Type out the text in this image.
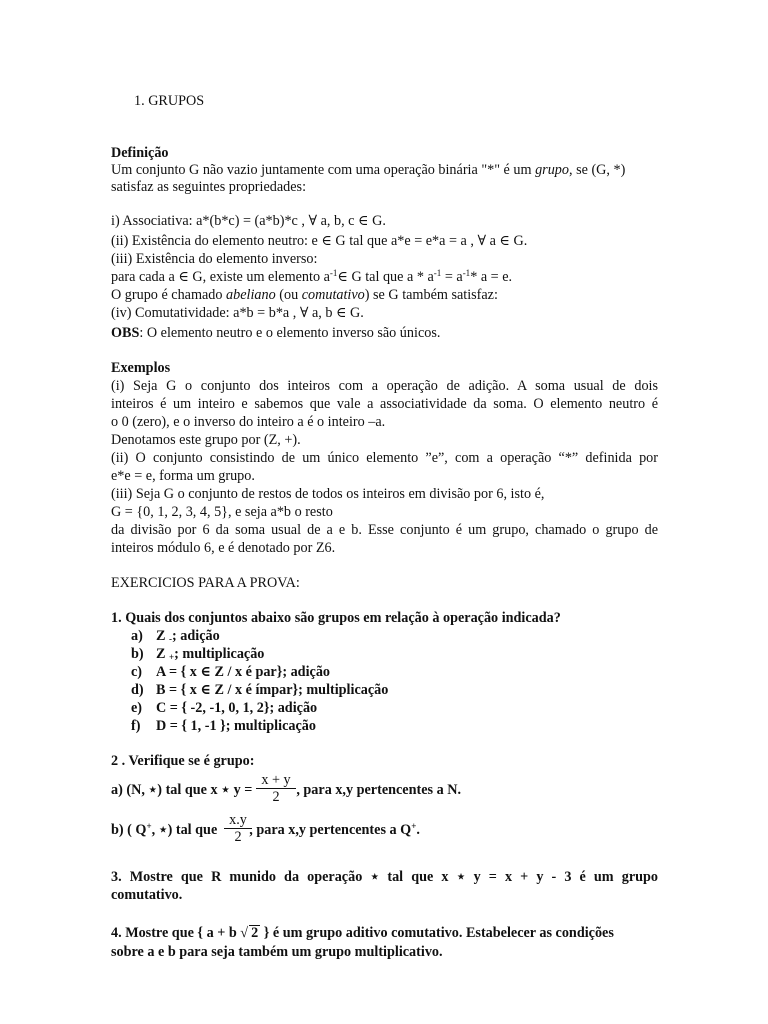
1. GRUPOS
Definição
Um conjunto G não vazio juntamente com uma operação binária "*" é um grupo, se (G, *)
satisfaz as seguintes propriedades:
i) Associativa: a*(b*c) = (a*b)*c , ∀ a, b, c ∈ G.
(ii) Existência do elemento neutro: e ∈ G tal que a*e = e*a = a , ∀ a ∈ G.
(iii) Existência do elemento inverso:
para cada a ∈ G, existe um elemento $a^{-1}\in$ G tal que $a * a^{-1} = a^{-1}*$ a = e.
O grupo é chamado abeliano (ou comutativo) se G também satisfaz:
(iv) Comutatividade: a*b = b*a , ∀ a, b ∈ G.
OBS: O elemento neutro e o elemento inverso são únicos.
Exemplos
(i) Seja G o conjunto dos inteiros com a operação de adição. A soma usual de dois
inteiros é um inteiro e sabemos que vale a associatividade da soma. O elemento neutro é
o 0 (zero), e o inverso do inteiro a é o inteiro –a.
Denotamos este grupo por (Z, +).
(ii) O conjunto consistindo de um único elemento ”e”, com a operação “*” definida por
e*e = e, forma um grupo.
(iii) Seja G o conjunto de restos de todos os inteiros em divisão por 6, isto é,
G = {0, 1, 2, 3, 4, 5}, e seja a*b o resto
da divisão por 6 da soma usual de a e b. Esse conjunto é um grupo, chamado o grupo de
inteiros módulo 6, e é denotado por Z6.
EXERCICIOS PARA A PROVA:
1. Quais dos conjuntos abaixo são grupos em relação à operação indicada?
a) Z $_-$; adição
b) Z $_+$; multiplicação
c) A = { x ∈ Z / x é par}; adição
d) B = { x ∈ Z / x é ímpar}; multiplicação
e) C = { -2, -1, 0, 1, 2}; adição
f) D = { 1, -1 }; multiplicação
2 . Verifique se é grupo:
a) (N, ⋆) tal que x ⋆ y =	, para x,y pertencentes a N.
x + y
2
b) ( Q+, ⋆) tal que , para x,y pertencentes a Q+.
x.y
2
3. Mostre que R munido da operação ⋆ tal que x ⋆ y = x + y - 3 é um grupo
comutativo.
4. Mostre que { a + b √ 2 } é um grupo aditivo comutativo. Estabelecer as condições
sobre a e b para seja também um grupo multiplicativo.
